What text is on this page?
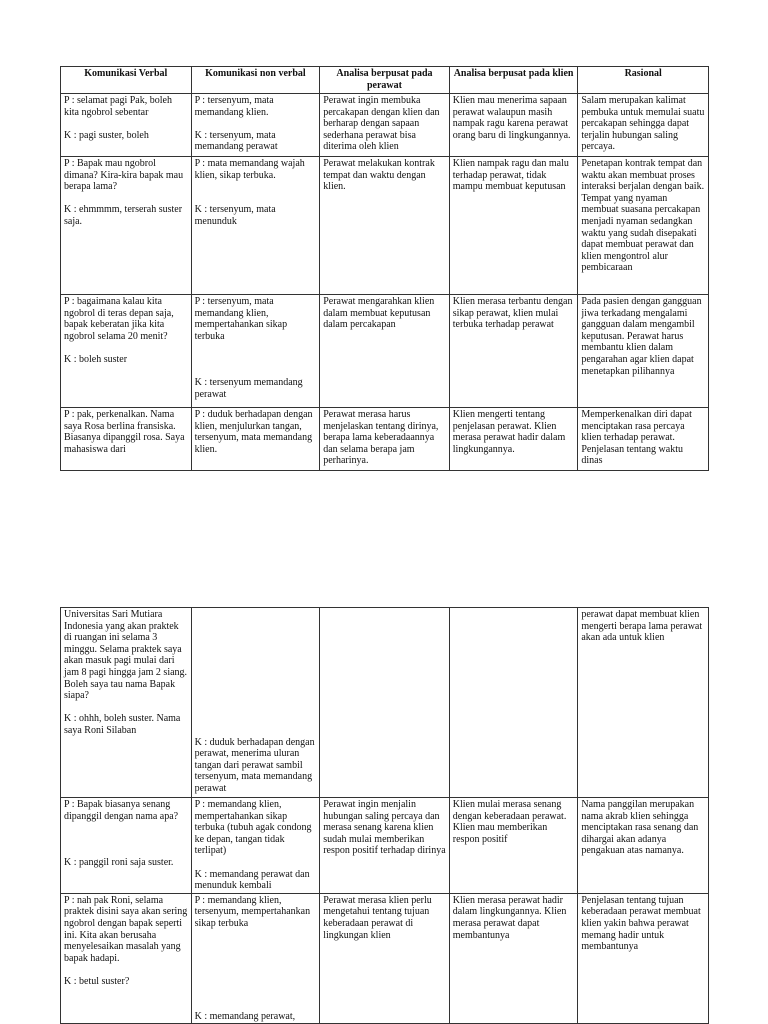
Komunikasi Verbal	Komunikasi non verbal	Analisa berpusat pada perawat	Analisa berpusat pada klien	Rasional

P : selamat pagi Pak, boleh kita ngobrol sebentar

K : pagi suster, boleh	P : tersenyum, mata memandang klien.

K : tersenyum, mata memandang perawat	Perawat ingin membuka percakapan dengan klien dan berharap dengan sapaan sederhana perawat bisa diterima oleh klien	Klien mau menerima sapaan perawat walaupun masih nampak ragu karena perawat orang baru di lingkungannya.	Salam merupakan kalimat pembuka untuk memulai suatu percakapan sehingga dapat terjalin hubungan saling percaya.

P : Bapak mau ngobrol dimana? Kira-kira bapak mau berapa lama?

K : ehmmmm, terserah suster saja.	P : mata memandang wajah klien, sikap terbuka.

K : tersenyum, mata menunduk	Perawat melakukan kontrak tempat dan waktu dengan klien.	Klien nampak ragu dan malu terhadap perawat, tidak mampu membuat keputusan	Penetapan kontrak tempat dan waktu akan membuat proses interaksi berjalan dengan baik. Tempat yang nyaman membuat suasana percakapan menjadi nyaman sedangkan waktu yang sudah disepakati dapat membuat perawat dan klien mengontrol alur pembicaraan

P : bagaimana kalau kita ngobrol di teras depan saja, bapak keberatan jika kita ngobrol selama 20 menit?

K : boleh suster	P : tersenyum, mata memandang klien, mempertahankan sikap terbuka

K : tersenyum memandang perawat	Perawat mengarahkan klien dalam membuat keputusan dalam percakapan	Klien merasa terbantu dengan sikap perawat, klien mulai terbuka terhadap perawat	Pada pasien dengan gangguan jiwa terkadang mengalami gangguan dalam mengambil keputusan. Perawat harus membantu klien dalam pengarahan agar klien dapat menetapkan pilihannya

P : pak, perkenalkan. Nama saya Rosa berlina fransiska. Biasanya dipanggil rosa. Saya mahasiswa dari	P : duduk berhadapan dengan klien, menjulurkan tangan, tersenyum, mata memandang klien.	Perawat merasa harus menjelaskan tentang dirinya, berapa lama keberadaannya dan selama berapa jam perharinya.	Klien mengerti tentang penjelasan perawat. Klien merasa perawat hadir dalam lingkungannya.	Memperkenalkan diri dapat menciptakan rasa percaya klien terhadap perawat. Penjelasan tentang waktu dinas
Universitas Sari Mutiara Indonesia yang akan praktek di ruangan ini selama 3 minggu. Selama praktek saya akan masuk pagi mulai dari jam 8 pagi hingga jam 2 siang. Boleh saya tau nama Bapak siapa?

K : ohhh, boleh suster. Nama saya Roni Silaban	

K : duduk berhadapan dengan perawat, menerima uluran tangan dari perawat sambil tersenyum, mata memandang perawat			perawat dapat membuat klien mengerti berapa lama perawat akan ada untuk klien

P : Bapak biasanya senang dipanggil dengan nama apa?

K : panggil roni saja suster.	P : memandang klien, mempertahankan sikap terbuka (tubuh agak condong ke depan, tangan tidak terlipat)

K : memandang perawat dan menunduk kembali	Perawat ingin menjalin hubungan saling percaya dan merasa senang karena klien sudah mulai memberikan respon positif terhadap dirinya	Klien mulai merasa senang dengan keberadaan perawat. Klien mau memberikan respon positif	Nama panggilan merupakan nama akrab klien sehingga menciptakan rasa senang dan dihargai akan adanya pengakuan atas namanya.

P : nah pak Roni, selama praktek disini saya akan sering ngobrol dengan bapak seperti ini. Kita akan berusaha menyelesaikan masalah yang bapak hadapi.

K : betul suster?	P : memandang klien, tersenyum, mempertahankan sikap terbuka

K : memandang perawat,	Perawat merasa klien perlu mengetahui tentang tujuan keberadaan perawat di lingkungan klien	Klien merasa perawat hadir dalam lingkungannya. Klien merasa perawat dapat membantunya	Penjelasan tentang tujuan keberadaan perawat membuat klien yakin bahwa perawat memang hadir untuk membantunya
